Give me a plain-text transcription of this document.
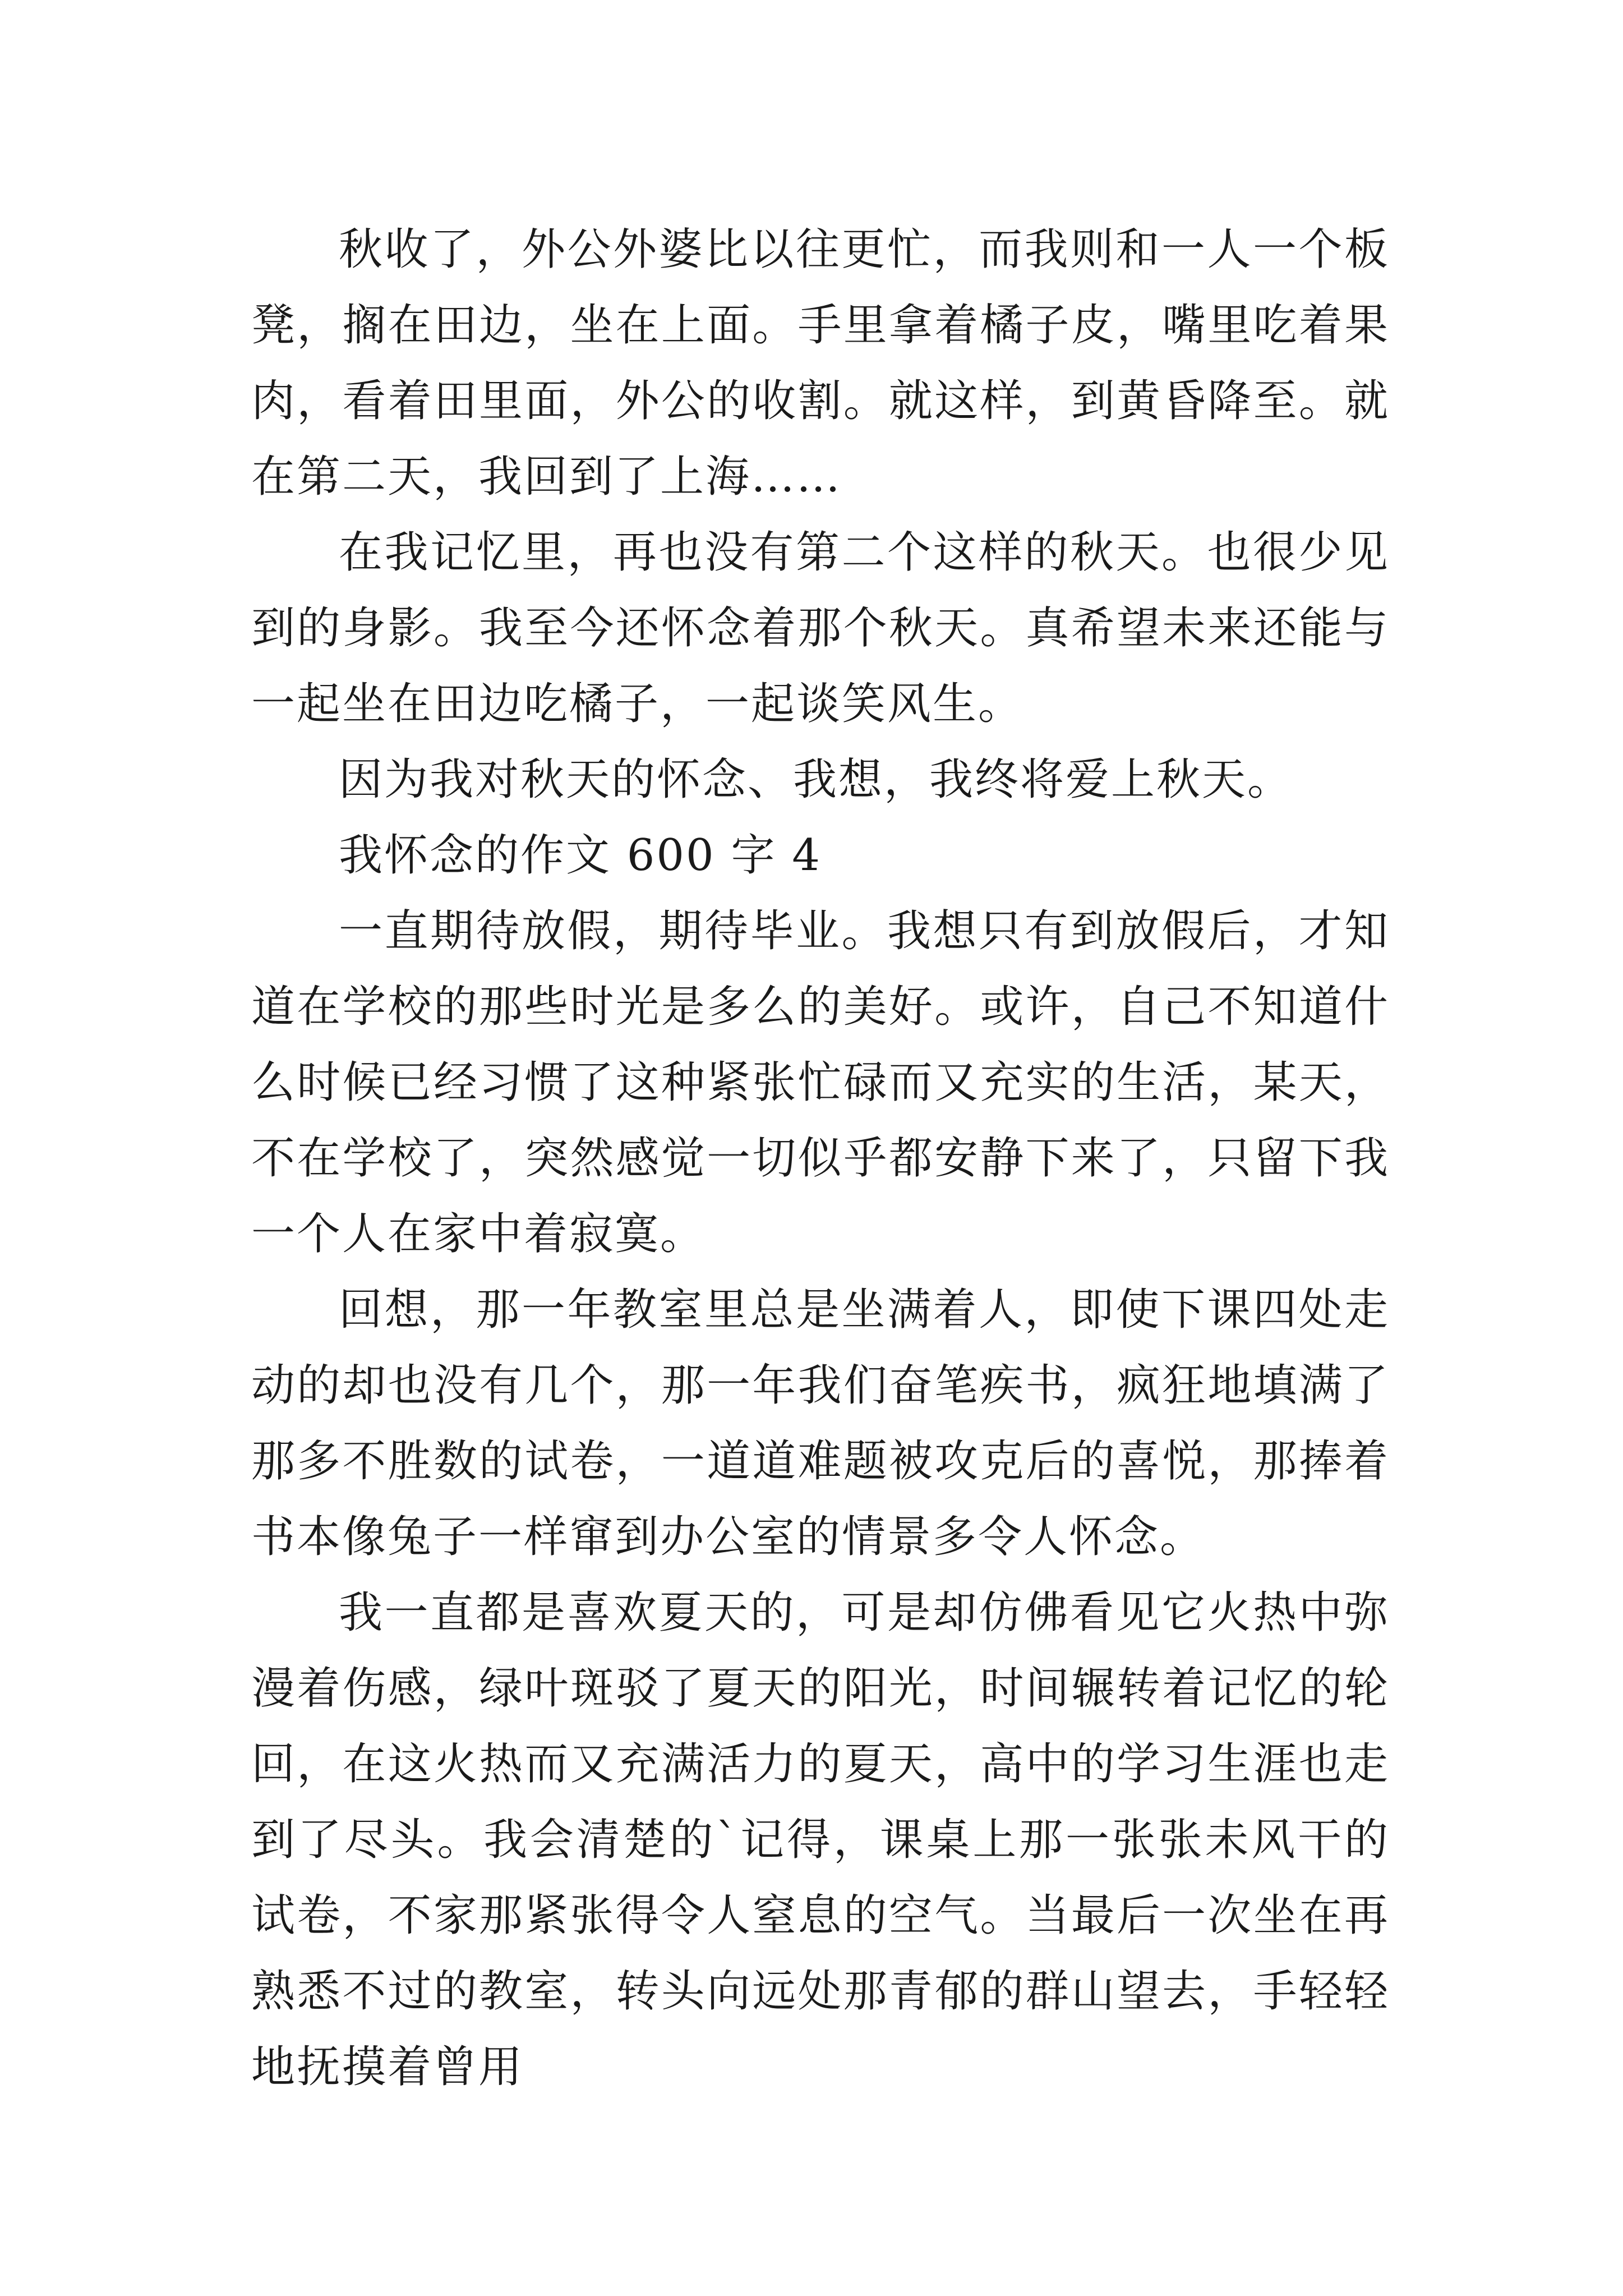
秋收了，外公外婆比以往更忙，而我则和一人一个板凳，搁在田边，坐在上面。手里拿着橘子皮，嘴里吃着果肉，看着田里面，外公的收割。就这样，到黄昏降至。就在第二天，我回到了上海……

在我记忆里，再也没有第二个这样的秋天。也很少见到的身影。我至今还怀念着那个秋天。真希望未来还能与一起坐在田边吃橘子，一起谈笑风生。

因为我对秋天的怀念、我想，我终将爱上秋天。

我怀念的作文 600 字 4

一直期待放假，期待毕业。我想只有到放假后，才知道在学校的那些时光是多么的美好。或许，自己不知道什么时候已经习惯了这种紧张忙碌而又充实的生活，某天，不在学校了，突然感觉一切似乎都安静下来了，只留下我一个人在家中着寂寞。

回想，那一年教室里总是坐满着人，即使下课四处走动的却也没有几个，那一年我们奋笔疾书，疯狂地填满了那多不胜数的试卷，一道道难题被攻克后的喜悦，那捧着书本像兔子一样窜到办公室的情景多令人怀念。

我一直都是喜欢夏天的，可是却仿佛看见它火热中弥漫着伤感，绿叶斑驳了夏天的阳光，时间辗转着记忆的轮回，在这火热而又充满活力的夏天，高中的学习生涯也走到了尽头。我会清楚的`记得，课桌上那一张张未风干的试卷，不家那紧张得令人窒息的空气。当最后一次坐在再熟悉不过的教室，转头向远处那青郁的群山望去，手轻轻地抚摸着曾用
